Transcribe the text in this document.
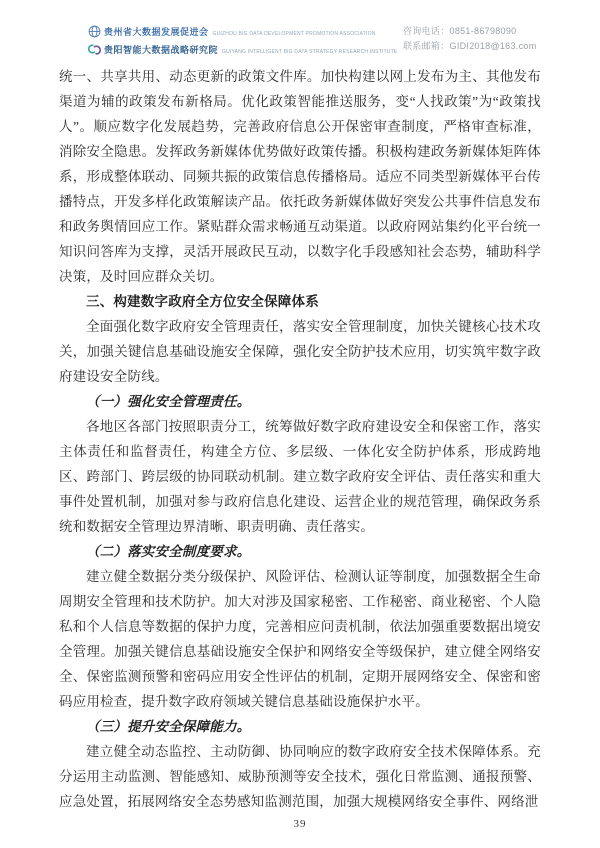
贵州省大数据发展促进会 GUIZHOU BIG DATA DEVELOPMENT PROMOTION ASSOCIATION
贵阳智能大数据战略研究院 GUIYANG INTELLIGENT BIG DATA STRATEGY RESEARCH INSTITUTE
咨询电话：0851-86798090
联系邮箱：GIDI2018@163.com

统一、共享共用、动态更新的政策文件库。加快构建以网上发布为主、其他发布渠道为辅的政策发布新格局。优化政策智能推送服务，变“人找政策”为“政策找人”。顺应数字化发展趋势，完善政府信息公开保密审查制度，严格审查标准，消除安全隐患。发挥政务新媒体优势做好政策传播。积极构建政务新媒体矩阵体系，形成整体联动、同频共振的政策信息传播格局。适应不同类型新媒体平台传播特点，开发多样化政策解读产品。依托政务新媒体做好突发公共事件信息发布和政务舆情回应工作。紧贴群众需求畅通互动渠道。以政府网站集约化平台统一知识问答库为支撑，灵活开展政民互动，以数字化手段感知社会态势，辅助科学决策，及时回应群众关切。

三、构建数字政府全方位安全保障体系

全面强化数字政府安全管理责任，落实安全管理制度，加快关键核心技术攻关，加强关键信息基础设施安全保障，强化安全防护技术应用，切实筑牢数字政府建设安全防线。

（一）强化安全管理责任。

各地区各部门按照职责分工，统筹做好数字政府建设安全和保密工作，落实主体责任和监督责任，构建全方位、多层级、一体化安全防护体系，形成跨地区、跨部门、跨层级的协同联动机制。建立数字政府安全评估、责任落实和重大事件处置机制，加强对参与政府信息化建设、运营企业的规范管理，确保政务系统和数据安全管理边界清晰、职责明确、责任落实。

（二）落实安全制度要求。

建立健全数据分类分级保护、风险评估、检测认证等制度，加强数据全生命周期安全管理和技术防护。加大对涉及国家秘密、工作秘密、商业秘密、个人隐私和个人信息等数据的保护力度，完善相应问责机制，依法加强重要数据出境安全管理。加强关键信息基础设施安全保护和网络安全等级保护，建立健全网络安全、保密监测预警和密码应用安全性评估的机制，定期开展网络安全、保密和密码应用检查，提升数字政府领域关键信息基础设施保护水平。

（三）提升安全保障能力。

建立健全动态监控、主动防御、协同响应的数字政府安全技术保障体系。充分运用主动监测、智能感知、威胁预测等安全技术，强化日常监测、通报预警、应急处置，拓展网络安全态势感知监测范围，加强大规模网络安全事件、网络泄

39
